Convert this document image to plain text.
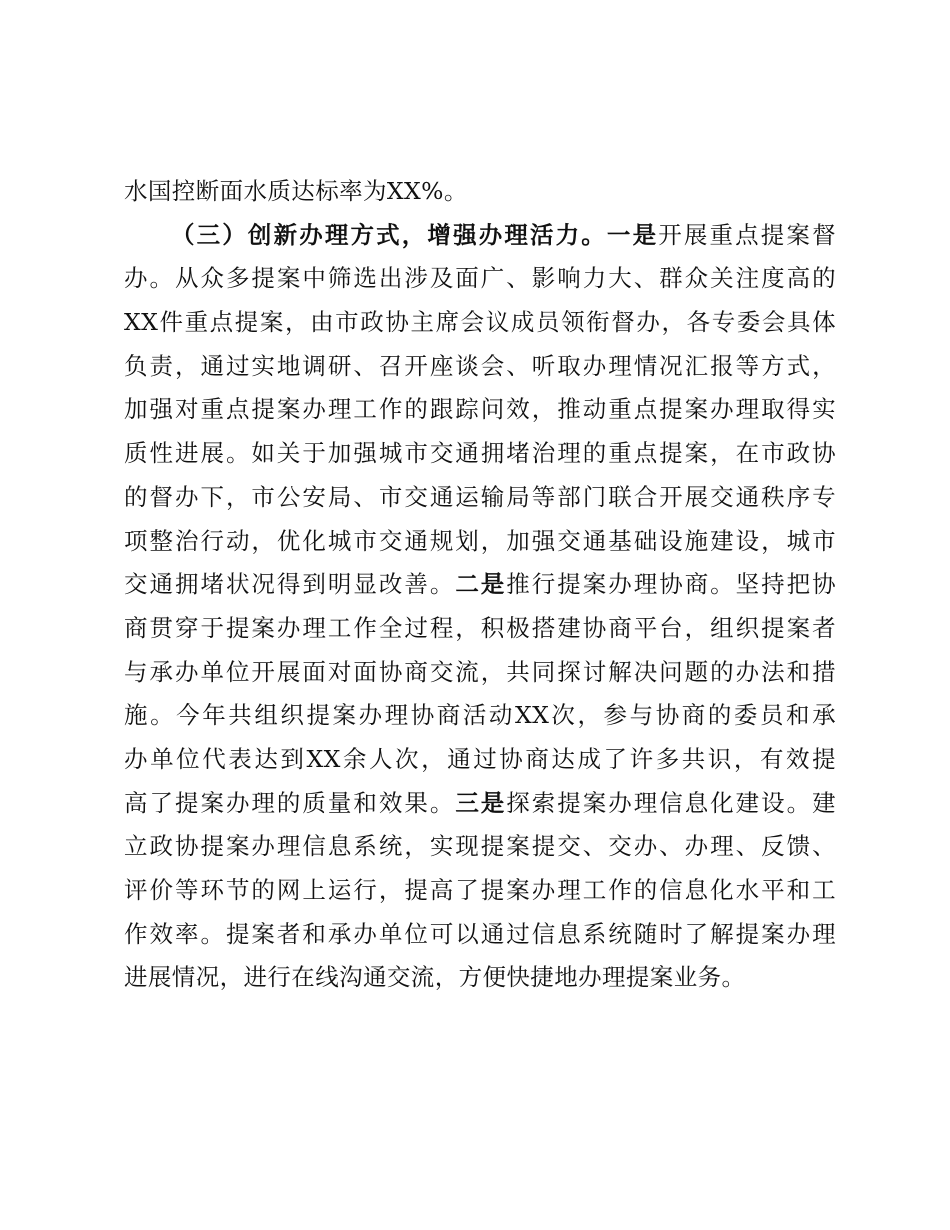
水国控断面水质达标率为XX%。
（三）创新办理方式，增强办理活力。一是开展重点提案督
办。从众多提案中筛选出涉及面广、影响力大、群众关注度高的
XX件重点提案，由市政协主席会议成员领衔督办，各专委会具体
负责，通过实地调研、召开座谈会、听取办理情况汇报等方式，
加强对重点提案办理工作的跟踪问效，推动重点提案办理取得实
质性进展。如关于加强城市交通拥堵治理的重点提案，在市政协
的督办下，市公安局、市交通运输局等部门联合开展交通秩序专
项整治行动，优化城市交通规划，加强交通基础设施建设，城市
交通拥堵状况得到明显改善。二是推行提案办理协商。坚持把协
商贯穿于提案办理工作全过程，积极搭建协商平台，组织提案者
与承办单位开展面对面协商交流，共同探讨解决问题的办法和措
施。今年共组织提案办理协商活动XX次，参与协商的委员和承
办单位代表达到XX余人次，通过协商达成了许多共识，有效提
高了提案办理的质量和效果。三是探索提案办理信息化建设。建
立政协提案办理信息系统，实现提案提交、交办、办理、反馈、
评价等环节的网上运行，提高了提案办理工作的信息化水平和工
作效率。提案者和承办单位可以通过信息系统随时了解提案办理
进展情况，进行在线沟通交流，方便快捷地办理提案业务。
